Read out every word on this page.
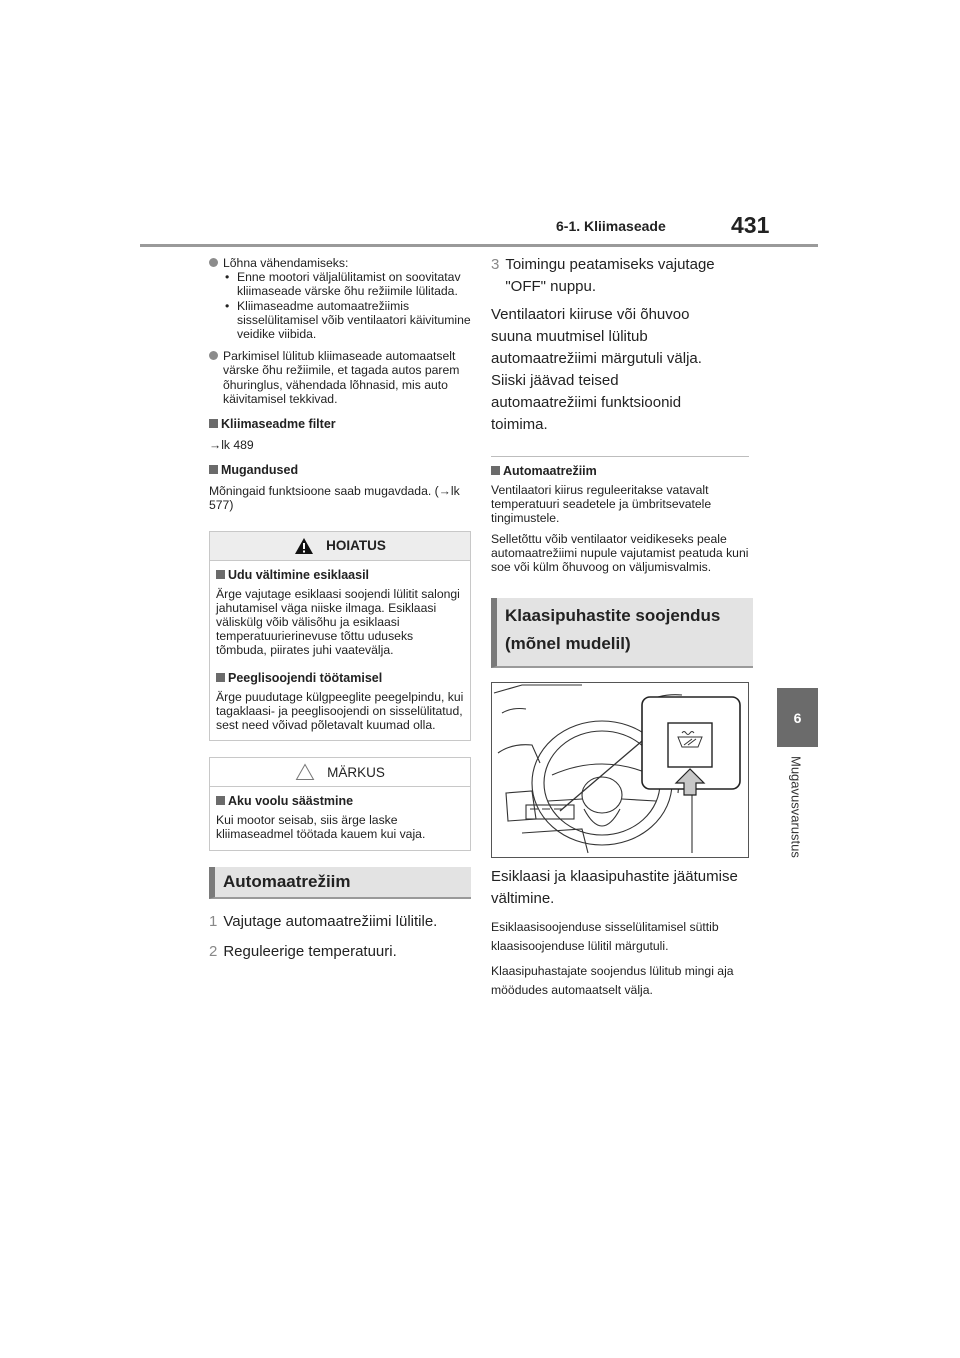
6-1. Kliimaseade	431
6
Mugavusvarustus
Lõhna vähendamiseks:
• Enne mootori väljalülitamist on soovitatav kliimaseade värske õhu režiimile lülitada.
• Kliimaseadme automaatrežiimis sisselülitamisel võib ventilaatori käivitumine veidike viibida.
Parkimisel lülitub kliimaseade automaatselt värske õhu režiimile, et tagada autos parem õhuringlus, vähendada lõhnasid, mis auto käivitamisel tekkivad.
Kliimaseadme filter
→lk 489
Mugandused
Mõningaid funktsioone saab mugavdada. (→lk 577)
HOIATUS
Udu vältimine esiklaasil
Ärge vajutage esiklaasi soojendi lülitit salongi jahutamisel väga niiske ilmaga. Esiklaasi väliskülg võib välisõhu ja esiklaasi temperatuurierinevuse tõttu uduseks tõmbuda, piirates juhi vaatevälja.
Peeglisoojendi töötamisel
Ärge puudutage külgpeeglite peegelpindu, kui tagaklaasi- ja peeglisoojendi on sisselülitatud, sest need võivad põletavalt kuumad olla.
MÄRKUS
Aku voolu säästmine
Kui mootor seisab, siis ärge laske kliimaseadmel töötada kauem kui vaja.
Automaatrežiim
1 Vajutage automaatrežiimi lülitile.
2 Reguleerige temperatuuri.
3 Toimingu peatamiseks vajutage "OFF" nuppu.
Ventilaatori kiiruse või õhuvoo suuna muutmisel lülitub automaatrežiimi märgutuli välja. Siiski jäävad teised automaatrežiimi funktsioonid toimima.
Automaatrežiim
Ventilaatori kiirus reguleeritakse vatavalt temperatuuri seadetele ja ümbritsevatele tingimustele.
Selletõttu võib ventilaator veidikeseks peale automaatrežiimi nupule vajutamist peatuda kuni soe või külm õhuvoog on väljumisvalmis.
Klaasipuhastite soojendus
(mõnel mudelil)
Esiklaasi ja klaasipuhastite jäätumise vältimine.
Esiklaasisoojenduse sisselülitamisel süttib klaasisoojenduse lülitil märgutuli.
Klaasipuhastajate soojendus lülitub mingi aja möödudes automaatselt välja.
